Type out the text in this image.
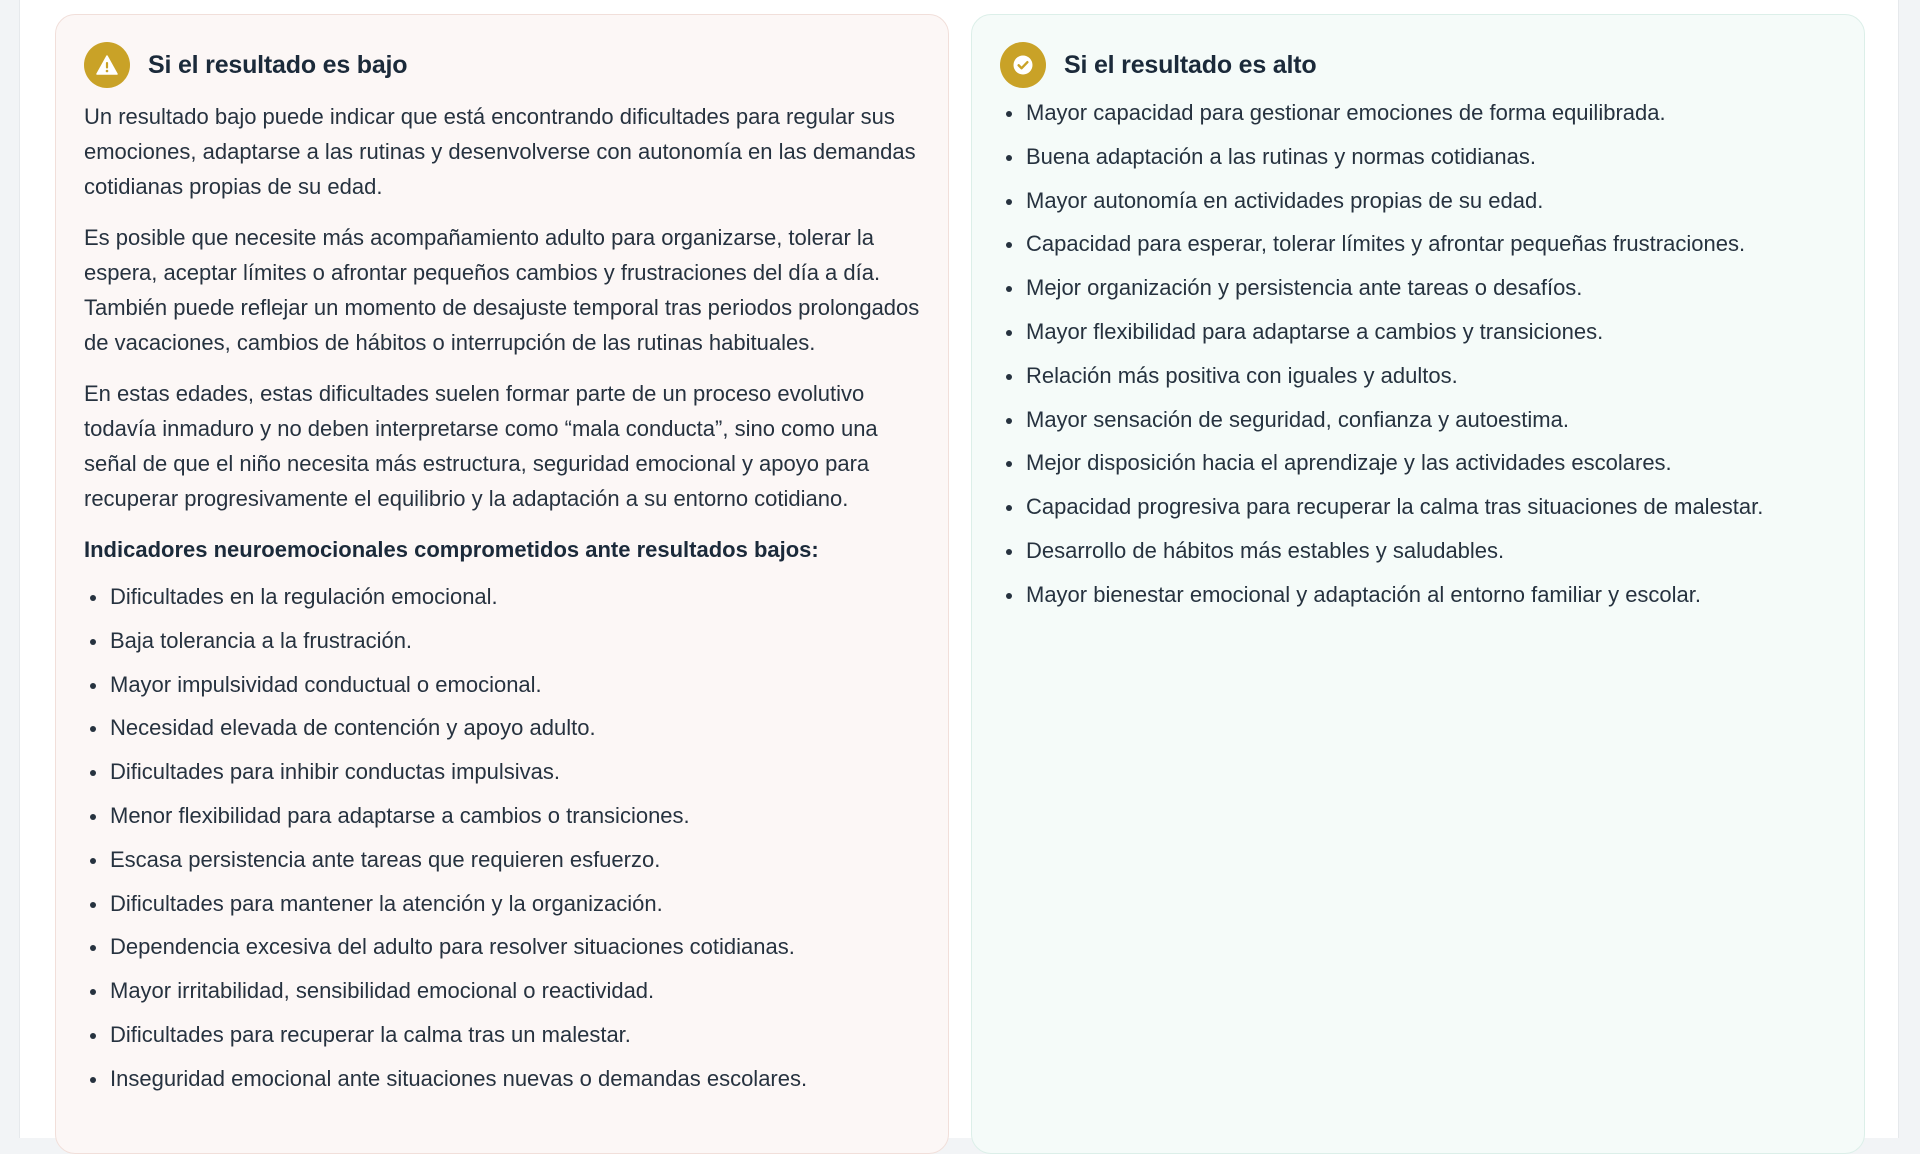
Si el resultado es bajo

Un resultado bajo puede indicar que está encontrando dificultades para regular sus emociones, adaptarse a las rutinas y desenvolverse con autonomía en las demandas cotidianas propias de su edad.

Es posible que necesite más acompañamiento adulto para organizarse, tolerar la espera, aceptar límites o afrontar pequeños cambios y frustraciones del día a día. También puede reflejar un momento de desajuste temporal tras periodos prolongados de vacaciones, cambios de hábitos o interrupción de las rutinas habituales.

En estas edades, estas dificultades suelen formar parte de un proceso evolutivo todavía inmaduro y no deben interpretarse como “mala conducta”, sino como una señal de que el niño necesita más estructura, seguridad emocional y apoyo para recuperar progresivamente el equilibrio y la adaptación a su entorno cotidiano.

Indicadores neuroemocionales comprometidos ante resultados bajos:
Dificultades en la regulación emocional.
Baja tolerancia a la frustración.
Mayor impulsividad conductual o emocional.
Necesidad elevada de contención y apoyo adulto.
Dificultades para inhibir conductas impulsivas.
Menor flexibilidad para adaptarse a cambios o transiciones.
Escasa persistencia ante tareas que requieren esfuerzo.
Dificultades para mantener la atención y la organización.
Dependencia excesiva del adulto para resolver situaciones cotidianas.
Mayor irritabilidad, sensibilidad emocional o reactividad.
Dificultades para recuperar la calma tras un malestar.
Inseguridad emocional ante situaciones nuevas o demandas escolares.
Si el resultado es alto
Mayor capacidad para gestionar emociones de forma equilibrada.
Buena adaptación a las rutinas y normas cotidianas.
Mayor autonomía en actividades propias de su edad.
Capacidad para esperar, tolerar límites y afrontar pequeñas frustraciones.
Mejor organización y persistencia ante tareas o desafíos.
Mayor flexibilidad para adaptarse a cambios y transiciones.
Relación más positiva con iguales y adultos.
Mayor sensación de seguridad, confianza y autoestima.
Mejor disposición hacia el aprendizaje y las actividades escolares.
Capacidad progresiva para recuperar la calma tras situaciones de malestar.
Desarrollo de hábitos más estables y saludables.
Mayor bienestar emocional y adaptación al entorno familiar y escolar.
